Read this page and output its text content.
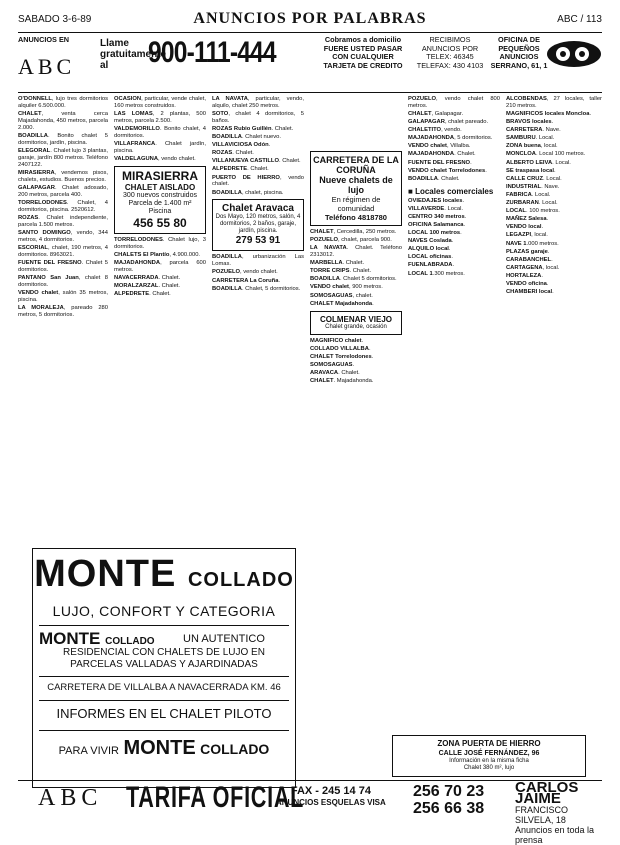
SABADO 3-6-89	ANUNCIOS POR PALABRAS	ABC / 113
ANUNCIOS EN
ABC
Llame gratuitamente al	900-111-444	Cobramos a domicilio FUERE USTED PASAR CON CUALQUIER TARJETA DE CREDITO
RECIBIMOS ANUNCIOS POR TELEX: 46345 TELEFAX: 430 4103
OFICINA DE PEQUEÑOS ANUNCIOS SERRANO, 61, 1

O'DONNELL, lujo tres dormitorios alquiler 6.500.000.

CHALET, venta cerca Majadahonda, 450 metros, parcela 2.000.

BOADILLA. Bonito chalet 5 dormitorios, jardín, piscina.

ELEGORAL. Chalet lujo 3 plantas, garaje, jardín 800 metros. Teléfono 2407122.

MIRASIERRA, vendemos pisos, chalets, estudios. Buenos precios.

GALAPAGAR. Chalet adosado, 200 metros, parcela 400.

TORRELODONES. Chalet, 4 dormitorios, piscina. 2520612.

ROZAS. Chalet independiente, parcela 1.500 metros.

SANTO DOMINGO, vendo, 344 metros, 4 dormitorios.

ESCORIAL, chalet, 190 metros, 4 dormitorios. 8963021.

FUENTE DEL FRESNO. Chalet 5 dormitorios.

PANTANO San Juan, chalet 8 dormitorios.

VENDO chalet, salón 35 metros, piscina.

LA MORALEJA, pareado 280 metros, 5 dormitorios.

OCASION, particular, vende chalet, 160 metros construidos.

LAS LOMAS, 2 plantas, 500 metros, parcela 2.500.

VALDEMORILLO. Bonito chalet, 4 dormitorios.

VILLAFRANCA. Chalet jardín, piscina.

VALDELAGUNA, vendo chalet.

MIRASIERRA
CHALET AISLADO
300 nuevos construidos
Parcela de 1.400 m²
Piscina
456 55 80

TORRELODONES. Chalet lujo, 3 dormitorios.

CHALETS El Plantío, 4.900.000.

MAJADAHONDA, parcela 600 metros.

NAVACERRADA. Chalet.

MORALZARZAL. Chalet.

ALPEDRETE. Chalet.

LA NAVATA, particular, vendo, alquilo, chalet 250 metros.

SOTO, chalet 4 dormitorios, 5 baños.

ROZAS Rubio Guillén. Chalet.

BOADILLA. Chalet nuevo.

VILLAVICIOSA Odón.

ROZAS. Chalet.

VILLANUEVA CASTILLO. Chalet.

ALPEDRETE. Chalet.

PUERTO DE HIERRO, vendo chalet.

BOADILLA, chalet, piscina.

Chalet Aravaca
Dos Mayo, 120 metros, salón, 4 dormitorios, 2 baños, garaje, jardín, piscina.
279 53 91

BOADILLA, urbanización Las Lomas.

POZUELO, vendo chalet.

CARRETERA La Coruña.

BOADILLA. Chalet, 5 dormitorios.

CARRETERA DE LA CORUÑA
Nueve chalets de lujo
En régimen de comunidad
Teléfono 4818780

CHALET, Cercedilla, 250 metros.

POZUELO, chalet, parcela 900.

LA NAVATA. Chalet. Teléfono 2313012.

MARBELLA. Chalet.

TORRE CRIPS. Chalet.

BOADILLA. Chalet 5 dormitorios.

VENDO chalet, 900 metros.

SOMOSAGUAS, chalet.

CHALET Majadahonda.

COLMENAR VIEJO
Chalet grande, ocasión

MAGNIFICO chalet.

COLLADO VILLALBA.

CHALET Torrelodones.

SOMOSAGUAS.

ARAVACA. Chalet.

CHALET. Majadahonda.

POZUELO, vendo chalet 800 metros.

CHALET, Galapagar.

GALAPAGAR, chalet pareado.

CHALETITO, vendo.

MAJADAHONDA, 5 dormitorios.

VENDO chalet, Villalba.

MAJADAHONDA. Chalet.

FUENTE DEL FRESNO.

VENDO chalet Torrelodones.

BOADILLA. Chalet.

■ Locales comerciales

OVIEDAJES locales.

VILLAVERDE. Local.

CENTRO 340 metros.

OFICINA Salamanca.

LOCAL 100 metros.

NAVES Coslada.

ALQUILO local.

LOCAL oficinas.

FUENLABRADA.

LOCAL 1.300 metros.

ALCOBENDAS, 27 locales, taller 210 metros.

MAGNIFICOS locales Moncloa.

BRAVOS locales.

CARRETERA. Nave.

SAMBURU. Local.

ZONA buena, local.

MONCLOA. Local 100 metros.

ALBERTO LEIVA. Local.

SE traspasa local.

CALLE CRUZ. Local.

INDUSTRIAL. Nave.

FABRICA. Local.

ZURBARAN. Local.

LOCAL. 100 metros.

MAÑEZ Salesa.

VENDO local.

LEGAZPI, local.

NAVE 1.000 metros.

PLAZAS garaje.

CARABANCHEL.

CARTAGENA, local.

HORTALEZA.

VENDO oficina.

CHAMBERI local.

MONTE COLLADO
LUJO, CONFORT Y CATEGORIA
MONTE COLLADO	UN AUTENTICO
RESIDENCIAL CON CHALETS DE LUJO EN PARCELAS VALLADAS Y AJARDINADAS
CARRETERA DE VILLALBA A NAVACERRADA KM. 46
INFORMES EN EL CHALET PILOTO
PARA VIVIR MONTE COLLADO	ZONA PUERTA DE HIERRO
CALLE JOSÉ FERNÁNDEZ, 96
Información en la misma ficha
Chalet 380 m², lujo
ABC TARIFA OFICIAL
FAX - 245 14 74
ANUNCIOS ESQUELAS VISA
256 70 23
256 66 38
CARLOS JAIME
FRANCISCO SILVELA, 18
Anuncios en toda la prensa
